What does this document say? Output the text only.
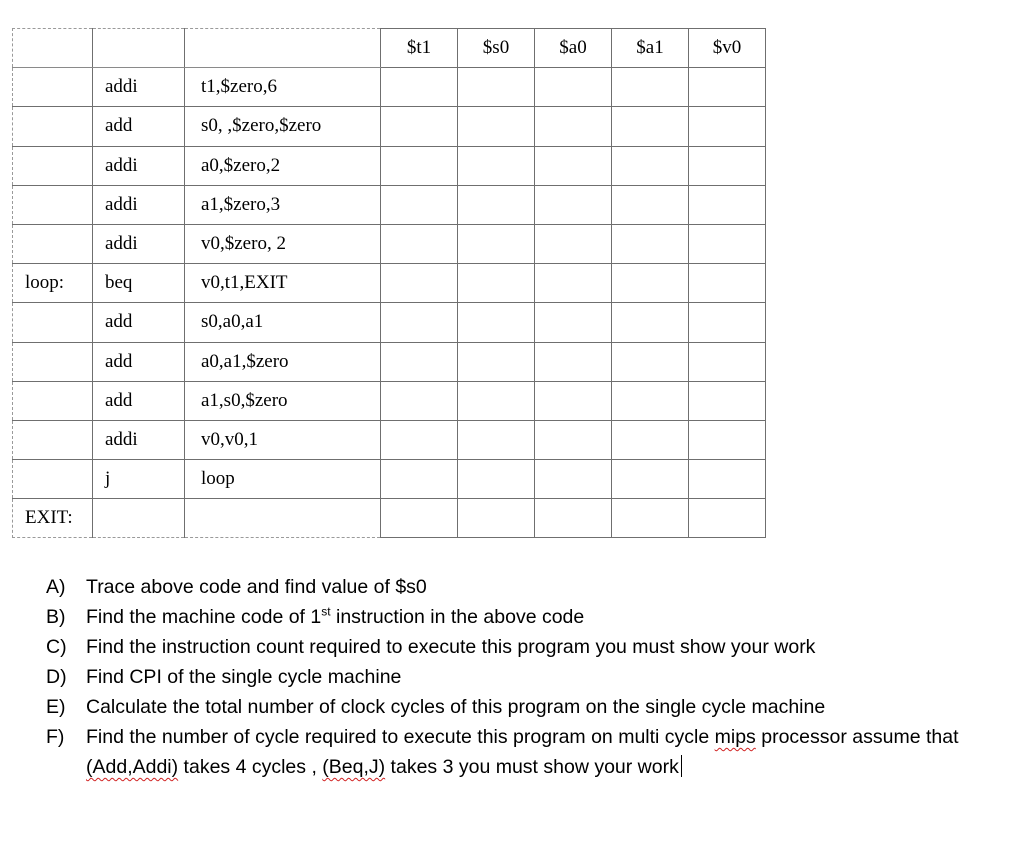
			$t1	$s0	$a0	$a1	$v0
	addi	t1,$zero,6					
	add	s0, ,$zero,$zero					
	addi	a0,$zero,2					
	addi	a1,$zero,3					
	addi	v0,$zero, 2					
loop:	beq	v0,t1,EXIT					
	add	s0,a0,a1					
	add	a0,a1,$zero					
	add	a1,s0,$zero					
	addi	v0,v0,1					
	j	loop					
EXIT:							
A) Trace above code and find value of $s0
B) Find the machine code of 1st instruction in the above code
C) Find the instruction count required to execute this program you must show your work
D) Find CPI of the single cycle machine
E) Calculate the total number of clock cycles of this program on the single cycle machine
F) Find the number of cycle required to execute this program on multi cycle mips processor assume that (Add,Addi) takes 4 cycles , (Beq,J) takes 3 you must show your work
